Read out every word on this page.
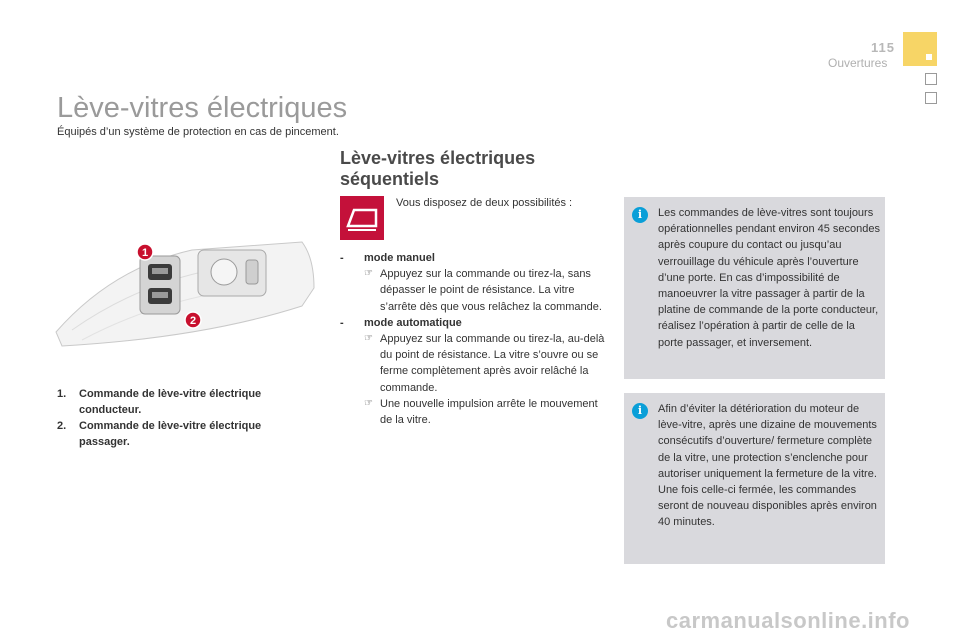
115
Ouvertures
Lève-vitres électriques
Équipés d’un système de protection en cas de pincement.
1
2
1.	Commande de lève-vitre électrique conducteur.
2.	Commande de lève-vitre électrique passager.
Lève-vitres électriques
séquentiels
Vous disposez de deux possibilités :
-	mode manuel
☞ Appuyez sur la commande ou tirez-la, sans dépasser le point de résistance. La vitre s’arrête dès que vous relâchez la commande.
-	mode automatique
☞ Appuyez sur la commande ou tirez-la, au-delà du point de résistance. La vitre s’ouvre ou se ferme complètement après avoir relâché la commande.
☞ Une nouvelle impulsion arrête le mouvement de la vitre.
i	Les commandes de lève-vitres sont toujours opérationnelles pendant environ 45 secondes après coupure du contact ou jusqu’au verrouillage du véhicule après l’ouverture d’une porte. En cas d’impossibilité de manoeuvrer la vitre passager à partir de la platine de commande de la porte conducteur, réalisez l’opération à partir de celle de la porte passager, et inversement.
i	Afin d’éviter la détérioration du moteur de lève-vitre, après une dizaine de mouvements consécutifs d’ouverture/ fermeture complète de la vitre, une protection s’enclenche pour autoriser uniquement la fermeture de la vitre. Une fois celle-ci fermée, les commandes seront de nouveau disponibles après environ 40 minutes.
carmanualsonline.info
